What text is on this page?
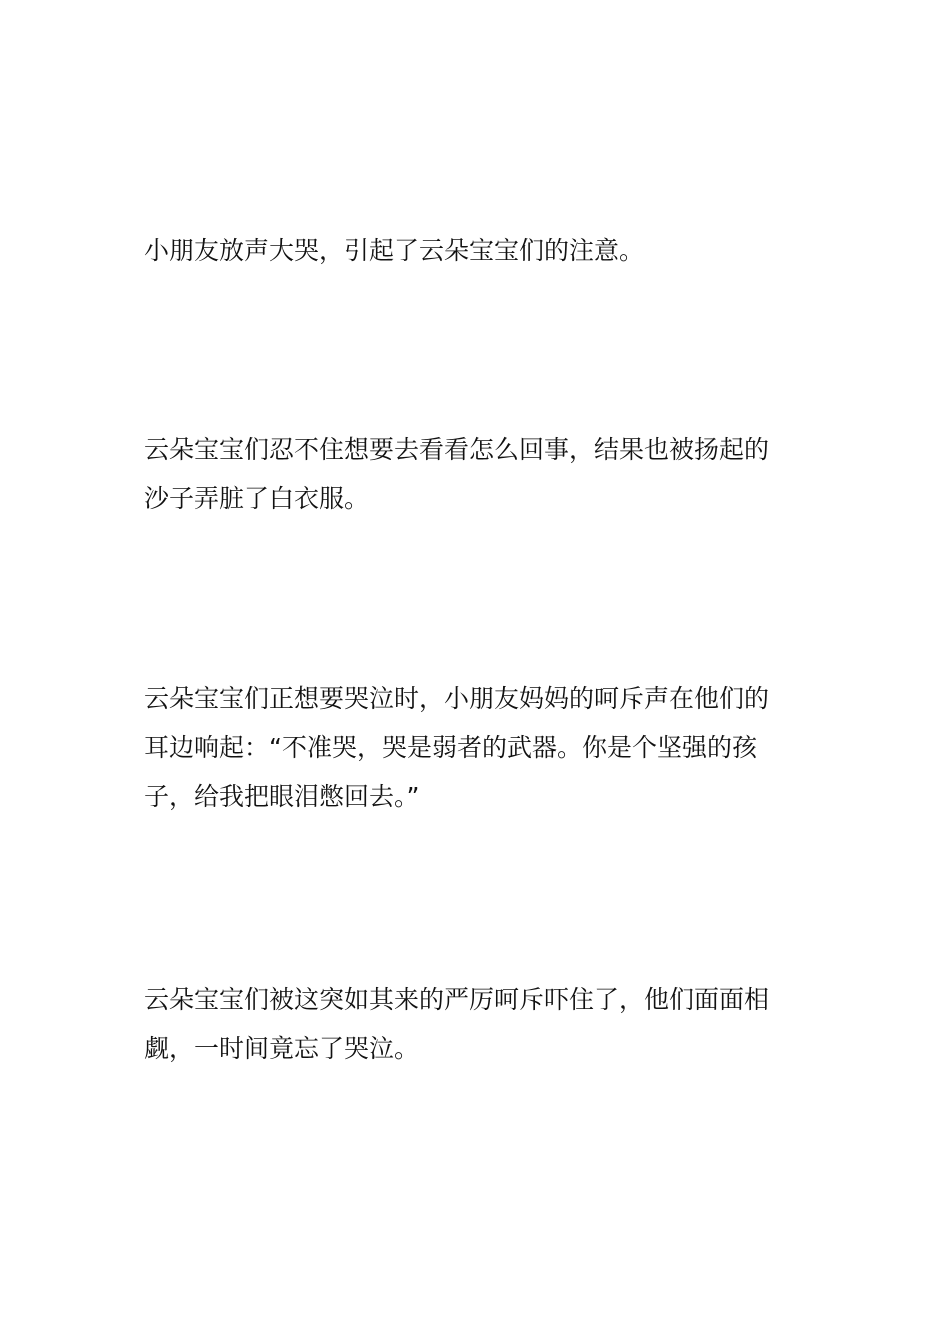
小朋友放声大哭，引起了云朵宝宝们的注意。

云朵宝宝们忍不住想要去看看怎么回事，结果也被扬起的
沙子弄脏了白衣服。

云朵宝宝们正想要哭泣时，小朋友妈妈的呵斥声在他们的
耳边响起：“不准哭，哭是弱者的武器。你是个坚强的孩
子，给我把眼泪憋回去。”

云朵宝宝们被这突如其来的严厉呵斥吓住了，他们面面相
觑，一时间竟忘了哭泣。
